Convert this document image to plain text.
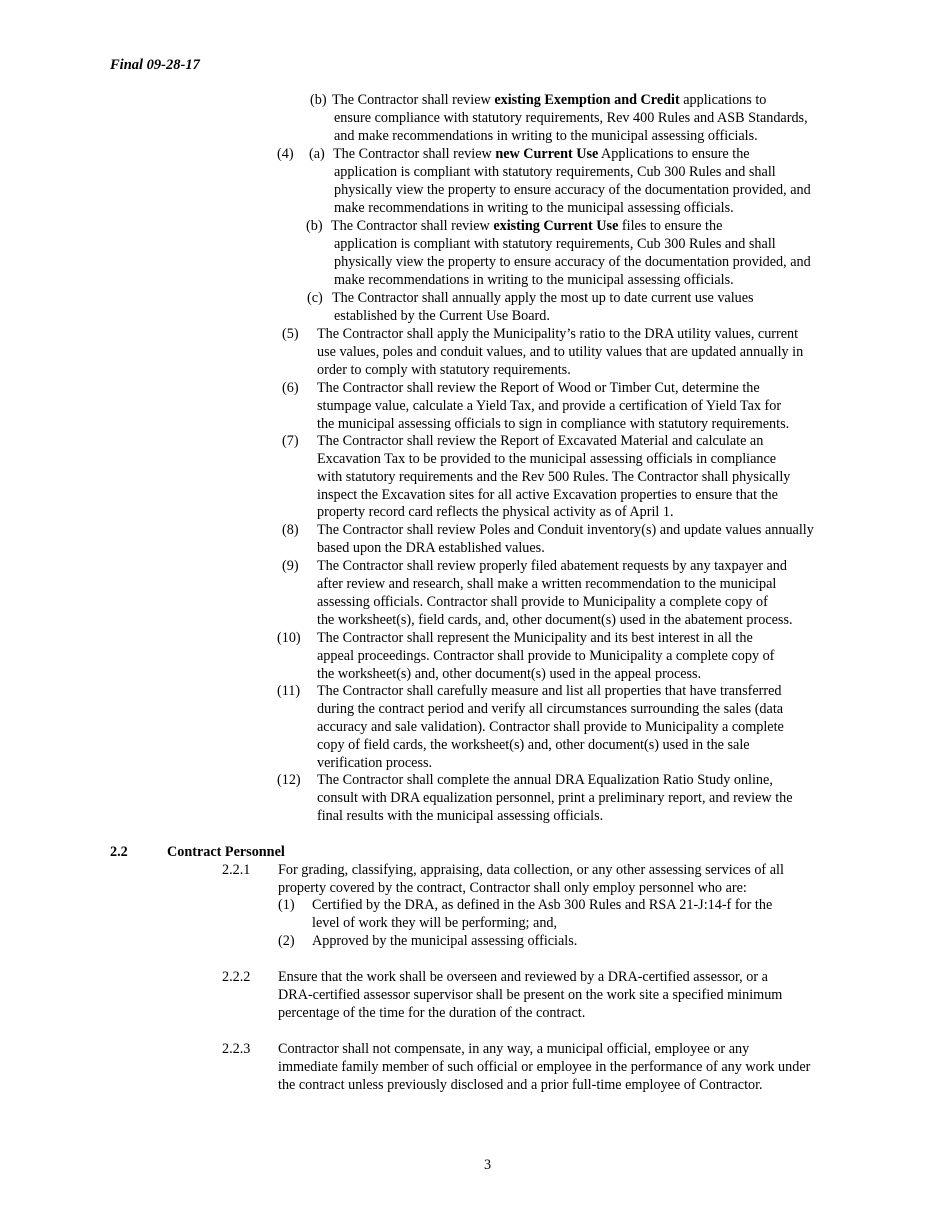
Final 09-28-17
(b) The Contractor shall review existing Exemption and Credit applications to
ensure compliance with statutory requirements, Rev 400 Rules and ASB Standards,
and make recommendations in writing to the municipal assessing officials.
(4) (a) The Contractor shall review new Current Use Applications to ensure the
application is compliant with statutory requirements, Cub 300 Rules and shall
physically view the property to ensure accuracy of the documentation provided, and
make recommendations in writing to the municipal assessing officials.
(b) The Contractor shall review existing Current Use files to ensure the
application is compliant with statutory requirements, Cub 300 Rules and shall
physically view the property to ensure accuracy of the documentation provided, and
make recommendations in writing to the municipal assessing officials.
(c) The Contractor shall annually apply the most up to date current use values
established by the Current Use Board.
(5) The Contractor shall apply the Municipality’s ratio to the DRA utility values, current
use values, poles and conduit values, and to utility values that are updated annually in
order to comply with statutory requirements.
(6) The Contractor shall review the Report of Wood or Timber Cut, determine the
stumpage value, calculate a Yield Tax, and provide a certification of Yield Tax for
the municipal assessing officials to sign in compliance with statutory requirements.
(7) The Contractor shall review the Report of Excavated Material and calculate an
Excavation Tax to be provided to the municipal assessing officials in compliance
with statutory requirements and the Rev 500 Rules. The Contractor shall physically
inspect the Excavation sites for all active Excavation properties to ensure that the
property record card reflects the physical activity as of April 1.
(8) The Contractor shall review Poles and Conduit inventory(s) and update values annually
based upon the DRA established values.
(9) The Contractor shall review properly filed abatement requests by any taxpayer and
after review and research, shall make a written recommendation to the municipal
assessing officials. Contractor shall provide to Municipality a complete copy of
the worksheet(s), field cards, and, other document(s) used in the abatement process.
(10) The Contractor shall represent the Municipality and its best interest in all the
appeal proceedings. Contractor shall provide to Municipality a complete copy of
the worksheet(s) and, other document(s) used in the appeal process.
(11) The Contractor shall carefully measure and list all properties that have transferred
during the contract period and verify all circumstances surrounding the sales (data
accuracy and sale validation). Contractor shall provide to Municipality a complete
copy of field cards, the worksheet(s) and, other document(s) used in the sale
verification process.
(12) The Contractor shall complete the annual DRA Equalization Ratio Study online,
consult with DRA equalization personnel, print a preliminary report, and review the
final results with the municipal assessing officials.
2.2	Contract Personnel
2.2.1 For grading, classifying, appraising, data collection, or any other assessing services of all
property covered by the contract, Contractor shall only employ personnel who are:
(1) Certified by the DRA, as defined in the Asb 300 Rules and RSA 21-J:14-f for the
level of work they will be performing; and,
(2) Approved by the municipal assessing officials.
2.2.2 Ensure that the work shall be overseen and reviewed by a DRA-certified assessor, or a
DRA-certified assessor supervisor shall be present on the work site a specified minimum
percentage of the time for the duration of the contract.
2.2.3 Contractor shall not compensate, in any way, a municipal official, employee or any
immediate family member of such official or employee in the performance of any work under
the contract unless previously disclosed and a prior full-time employee of Contractor.
3
